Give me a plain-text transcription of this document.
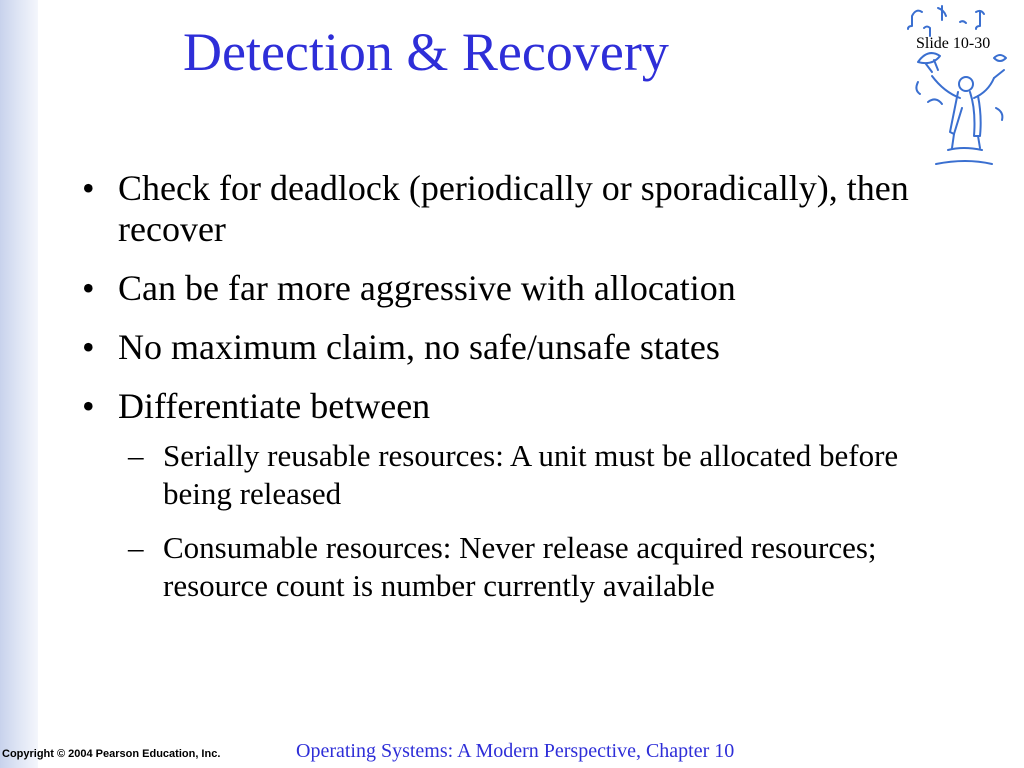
Detection & Recovery	Slide 10-30
• Check for deadlock (periodically or sporadically), then recover
• Can be far more aggressive with allocation
• No maximum claim, no safe/unsafe states
• Differentiate between
– Serially reusable resources: A unit must be allocated before being released
– Consumable resources: Never release acquired resources; resource count is number currently available
Copyright © 2004 Pearson Education, Inc.	Operating Systems: A Modern Perspective, Chapter 10
